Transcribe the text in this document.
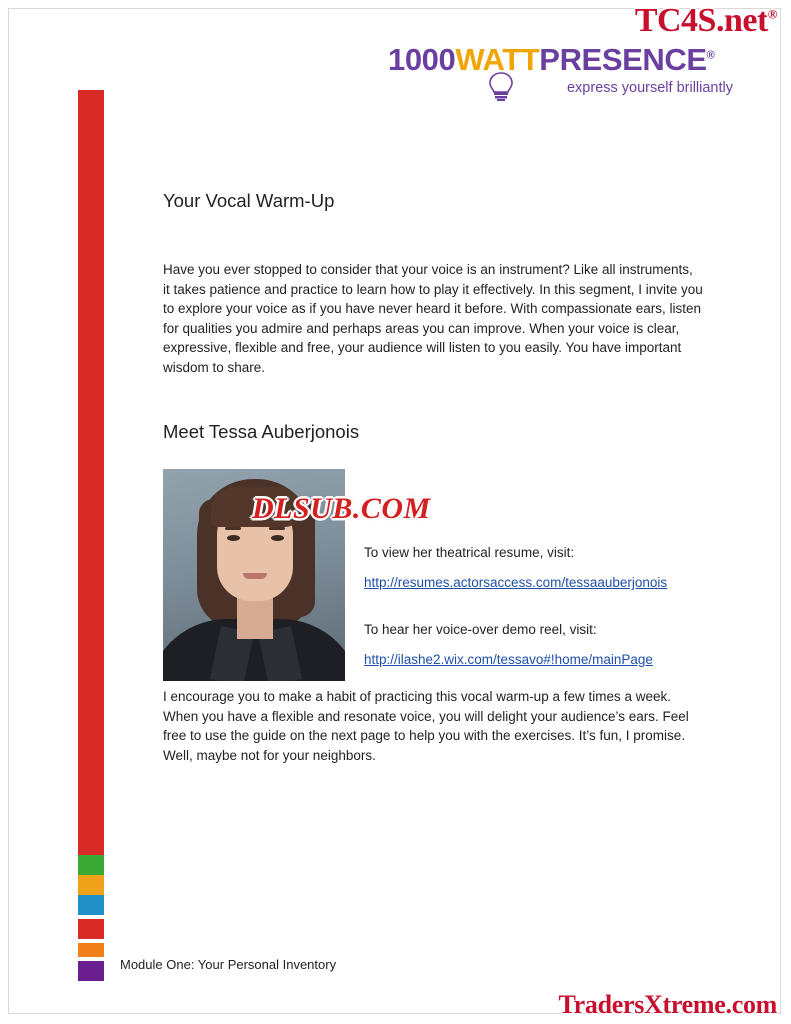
TC4S.net®
1000WATTPRESENCE®
express yourself brilliantly
Your Vocal Warm-Up

Have you ever stopped to consider that your voice is an instrument? Like all instruments, it takes patience and practice to learn how to play it effectively. In this segment, I invite you to explore your voice as if you have never heard it before. With compassionate ears, listen for qualities you admire and perhaps areas you can improve. When your voice is clear, expressive, flexible and free, your audience will listen to you easily. You have important wisdom to share.

Meet Tessa Auberjonois

To view her theatrical resume, visit:

http://resumes.actorsaccess.com/tessaauberjonois

To hear her voice-over demo reel, visit:

http://ilashe2.wix.com/tessavo#!home/mainPage

I encourage you to make a habit of practicing this vocal warm-up a few times a week. When you have a flexible and resonate voice, you will delight your audience’s ears. Feel free to use the guide on the next page to help you with the exercises. It’s fun, I promise. Well, maybe not for your neighbors.

DLSUB.COM
Module One: Your Personal Inventory
TradersXtreme.com
